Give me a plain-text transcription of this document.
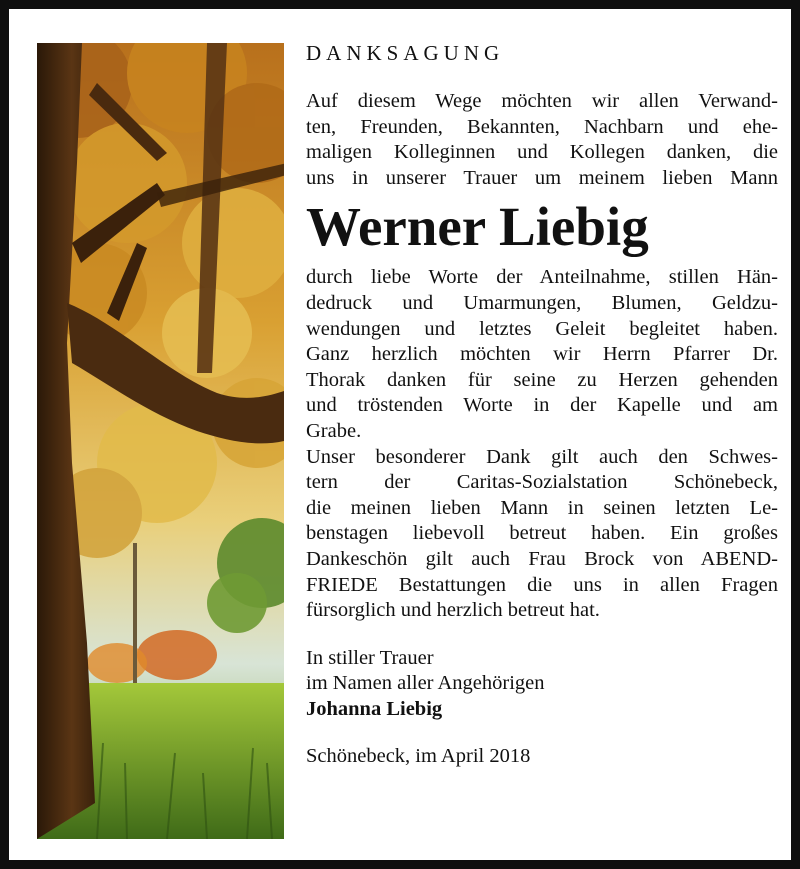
DANKSAGUNG
Auf diesem Wege möchten wir allen Verwand-
ten, Freunden, Bekannten, Nachbarn und ehe-
maligen Kolleginnen und Kollegen danken, die
uns in unserer Trauer um meinem lieben Mann
Werner Liebig
durch liebe Worte der Anteilnahme, stillen Hän-
dedruck und Umarmungen, Blumen, Geldzu-
wendungen und letztes Geleit begleitet haben.
Ganz herzlich möchten wir Herrn Pfarrer Dr.
Thorak danken für seine zu Herzen gehenden
und tröstenden Worte in der Kapelle und am
Grabe.
Unser besonderer Dank gilt auch den Schwes-
tern der Caritas-Sozialstation Schönebeck,
die meinen lieben Mann in seinen letzten Le-
benstagen liebevoll betreut haben. Ein großes
Dankeschön gilt auch Frau Brock von ABEND-
FRIEDE Bestattungen die uns in allen Fragen
fürsorglich und herzlich betreut hat.
In stiller Trauer
im Namen aller Angehörigen
Johanna Liebig
Schönebeck, im April 2018
